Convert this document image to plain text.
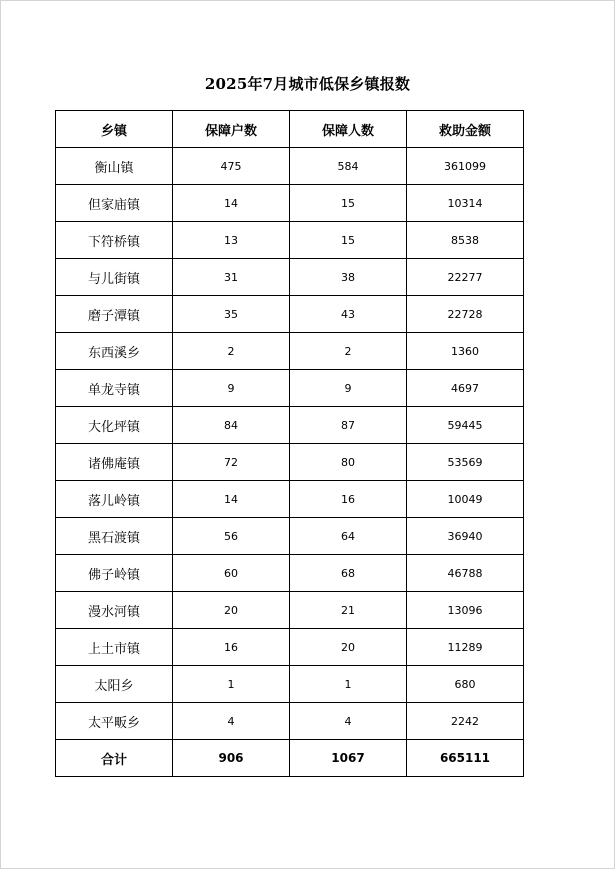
2025年7月城市低保乡镇报数
乡镇	保障户数	保障人数	救助金额
衡山镇	475	584	361099
但家庙镇	14	15	10314
下符桥镇	13	15	8538
与儿街镇	31	38	22277
磨子潭镇	35	43	22728
东西溪乡	2	2	1360
单龙寺镇	9	9	4697
大化坪镇	84	87	59445
诸佛庵镇	72	80	53569
落儿岭镇	14	16	10049
黑石渡镇	56	64	36940
佛子岭镇	60	68	46788
漫水河镇	20	21	13096
上土市镇	16	20	11289
太阳乡	1	1	680
太平畈乡	4	4	2242
合计	906	1067	665111
